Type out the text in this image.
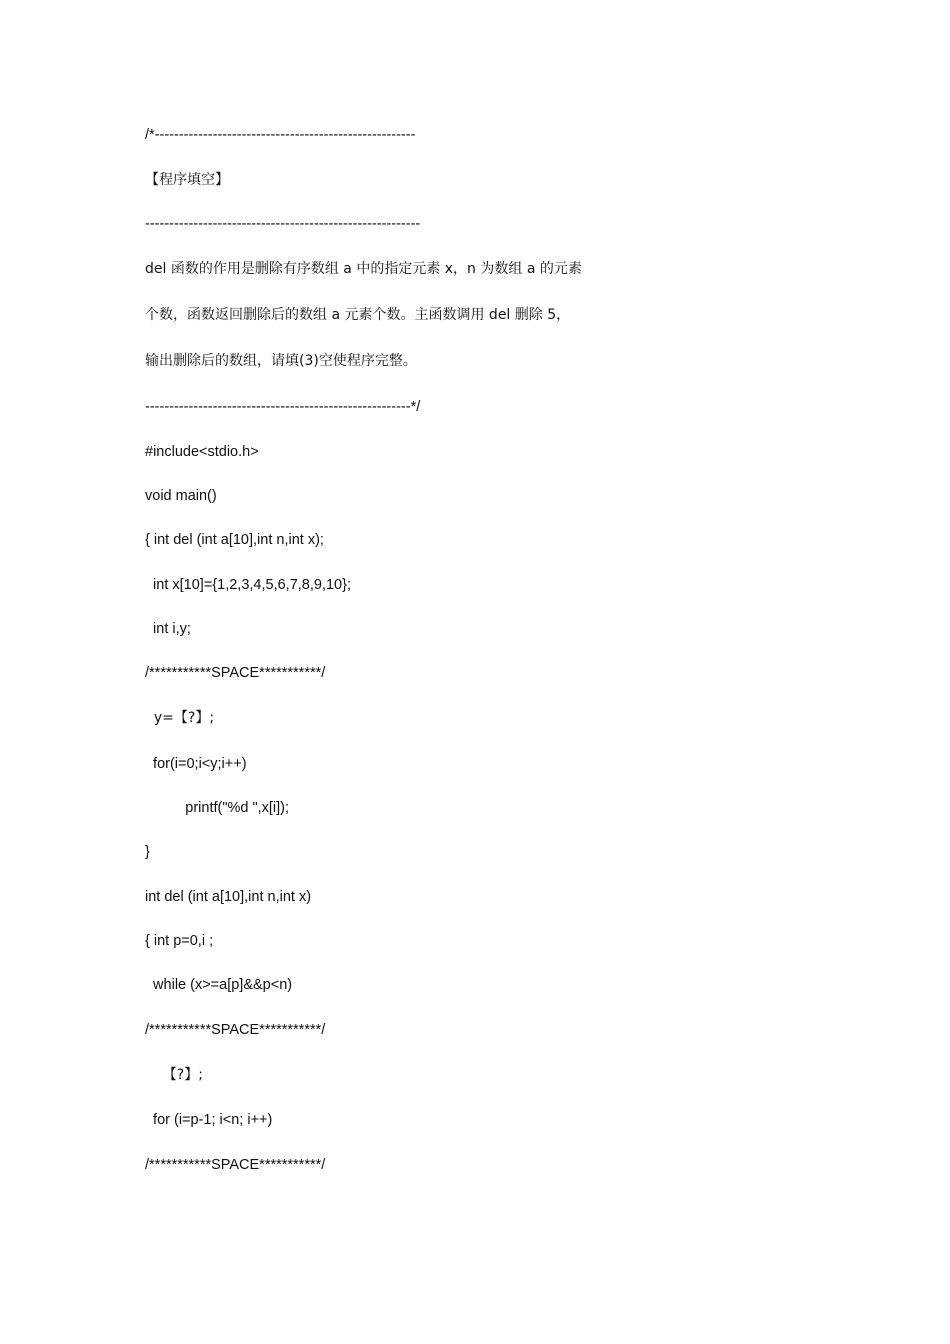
/*------------------------------------------------------

【程序填空】

---------------------------------------------------------

del 函数的作用是删除有序数组 a 中的指定元素 x，n 为数组 a 的元素

个数，函数返回删除后的数组 a 元素个数。主函数调用 del 删除 5，

输出删除后的数组，请填(3)空使程序完整。

-------------------------------------------------------*/

#include<stdio.h>

void main()

{ int del (int a[10],int n,int x);

int x[10]={1,2,3,4,5,6,7,8,9,10};

int i,y;

/***********SPACE***********/

y=【?】;

for(i=0;i<y;i++)

printf("%d ",x[i]);

}

int del (int a[10],int n,int x)

{ int p=0,i ;

while (x>=a[p]&&p<n)

/***********SPACE***********/

【?】;

for (i=p-1; i<n; i++)

/***********SPACE***********/
